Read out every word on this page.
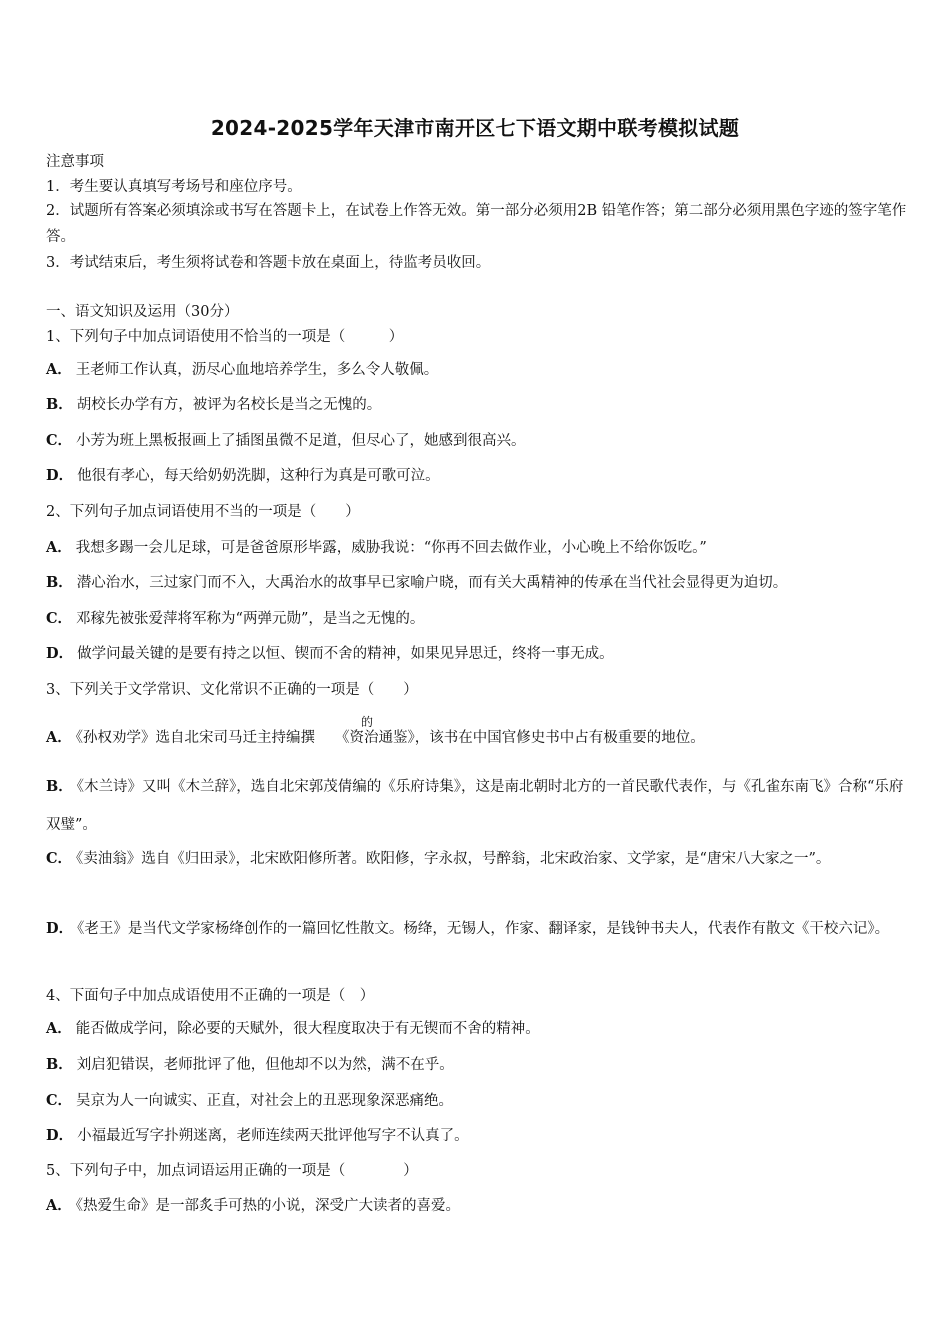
2024-2025学年天津市南开区七下语文期中联考模拟试题
注意事项
1．考生要认真填写考场号和座位序号。
2．试题所有答案必须填涂或书写在答题卡上，在试卷上作答无效。第一部分必须用2B 铅笔作答；第二部分必须用黑色字迹的签字笔作答。
3．考试结束后，考生须将试卷和答题卡放在桌面上，待监考员收回。
一、语文知识及运用（30分）
1、下列句子中加点词语使用不恰当的一项是（　　　）
A． 王老师工作认真，沥尽心血地培养学生，多么令人敬佩。
B． 胡校长办学有方，被评为名校长是当之无愧的。
C． 小芳为班上黑板报画上了插图虽微不足道，但尽心了，她感到很高兴。
D． 他很有孝心，每天给奶奶洗脚，这种行为真是可歌可泣。
2、下列句子加点词语使用不当的一项是（　　）
A． 我想多踢一会儿足球，可是爸爸原形毕露，威胁我说：“你再不回去做作业，小心晚上不给你饭吃。”
B． 潜心治水，三过家门而不入，大禹治水的故事早已家喻户晓，而有关大禹精神的传承在当代社会显得更为迫切。
C． 邓稼先被张爱萍将军称为“两弹元勋”，是当之无愧的。
D． 做学问最关键的是要有持之以恒、锲而不舍的精神，如果见异思迁，终将一事无成。
3、下列关于文学常识、文化常识不正确的一项是（　　）
的
A． 《孙权劝学》选自北宋司马迁主持编撰 《资治通鉴》，该书在中国官修史书中占有极重要的地位。
B． 《木兰诗》又叫《木兰辞》，选自北宋郭茂倩编的《乐府诗集》，这是南北朝时北方的一首民歌代表作，与《孔雀东南飞》合称“乐府双璧”。
C． 《卖油翁》选自《归田录》，北宋欧阳修所著。欧阳修，字永叔，号醉翁，北宋政治家、文学家，是“唐宋八大家之一”。
D． 《老王》是当代文学家杨绛创作的一篇回忆性散文。杨绛，无锡人，作家、翻译家，是钱钟书夫人，代表作有散文《干校六记》。
4、下面句子中加点成语使用不正确的一项是（　）
A． 能否做成学问，除必要的天赋外，很大程度取决于有无锲而不舍的精神。
B． 刘启犯错误，老师批评了他，但他却不以为然，满不在乎。
C． 吴京为人一向诚实、正直，对社会上的丑恶现象深恶痛绝。
D． 小福最近写字扑朔迷离，老师连续两天批评他写字不认真了。
5、下列句子中，加点词语运用正确的一项是（　　　　）
A． 《热爱生命》是一部炙手可热的小说，深受广大读者的喜爱。
